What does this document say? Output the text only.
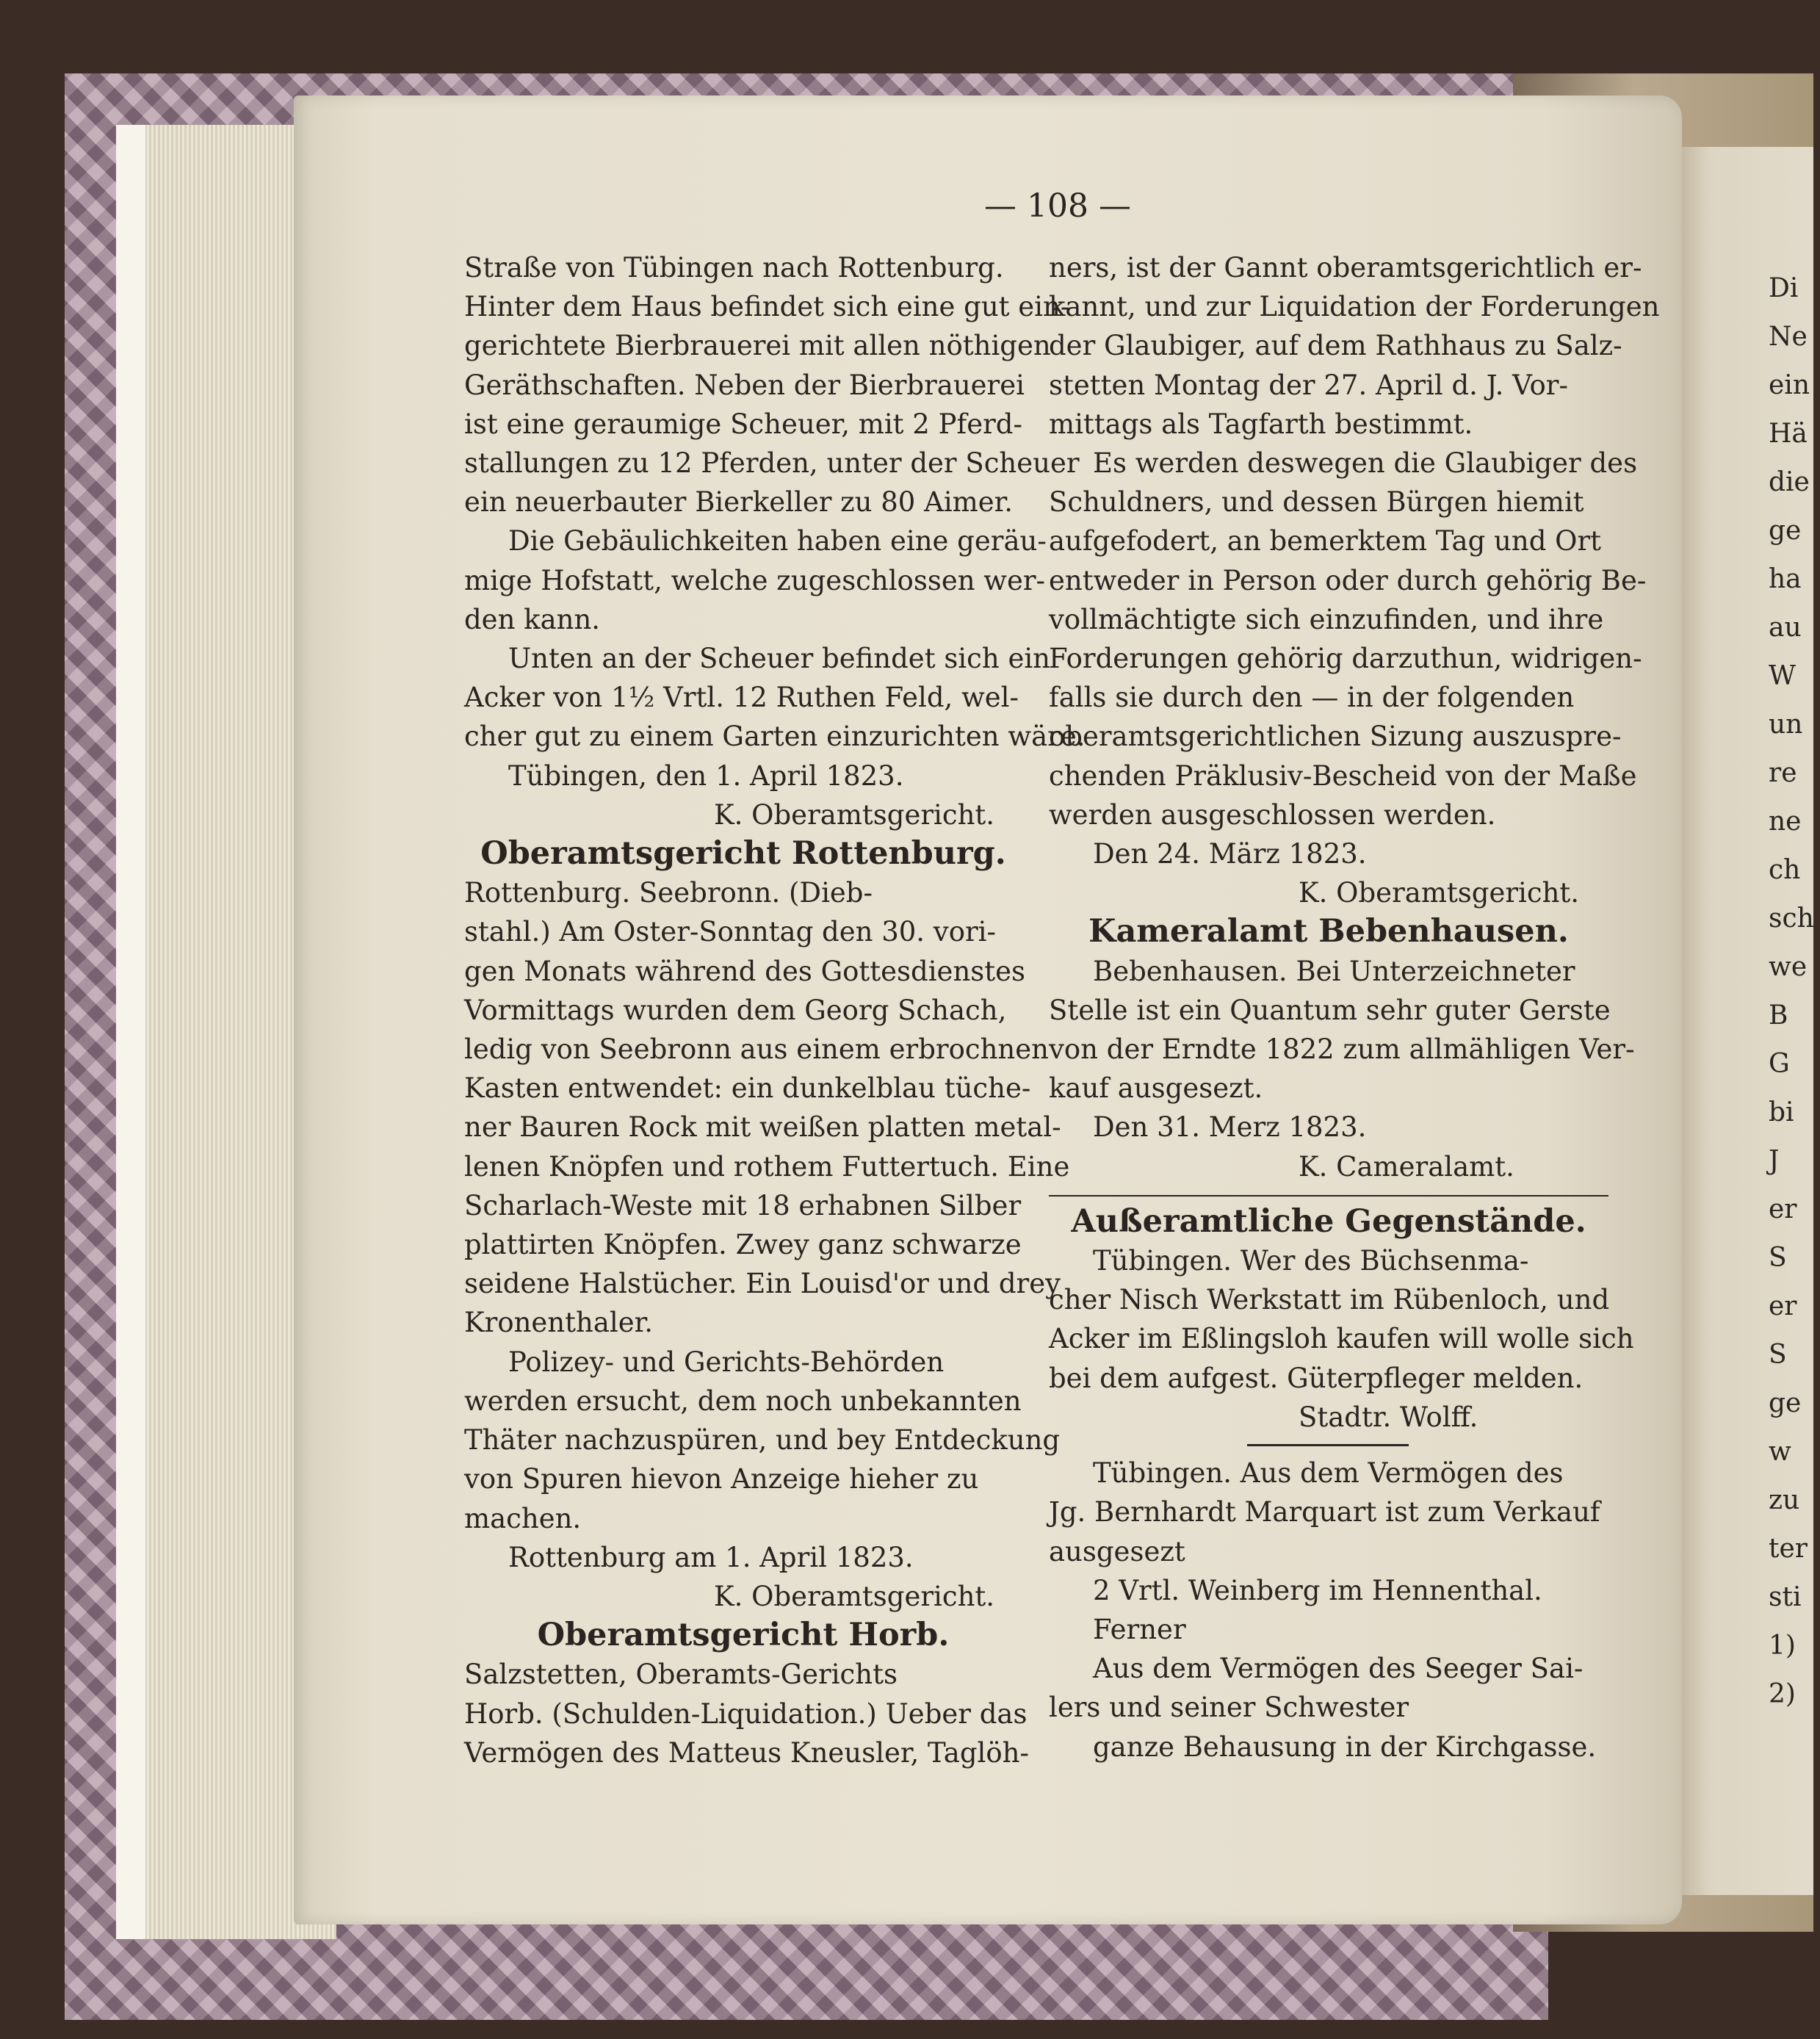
— 108 —
Straße von Tübingen nach Rottenburg.
Hinter dem Haus befindet sich eine gut ein-
gerichtete Bierbrauerei mit allen nöthigen
Geräthschaften. Neben der Bierbrauerei
ist eine geraumige Scheuer, mit 2 Pferd-
stallungen zu 12 Pferden, unter der Scheuer
ein neuerbauter Bierkeller zu 80 Aimer.
Die Gebäulichkeiten haben eine geräu-
mige Hofstatt, welche zugeschlossen wer-
den kann.
Unten an der Scheuer befindet sich ein
Acker von 1½ Vrtl. 12 Ruthen Feld, wel-
cher gut zu einem Garten einzurichten wäre.
Tübingen, den 1. April 1823.
K. Oberamtsgericht.
Oberamtsgericht Rottenburg.
Rottenburg. Seebronn. (Dieb-
stahl.) Am Oster-Sonntag den 30. vori-
gen Monats während des Gottesdienstes
Vormittags wurden dem Georg Schach,
ledig von Seebronn aus einem erbrochnen
Kasten entwendet: ein dunkelblau tüche-
ner Bauren Rock mit weißen platten metal-
lenen Knöpfen und rothem Futtertuch. Eine
Scharlach-Weste mit 18 erhabnen Silber
plattirten Knöpfen. Zwey ganz schwarze
seidene Halstücher. Ein Louisd'or und drey
Kronenthaler.
Polizey- und Gerichts-Behörden
werden ersucht, dem noch unbekannten
Thäter nachzuspüren, und bey Entdeckung
von Spuren hievon Anzeige hieher zu
machen.
Rottenburg am 1. April 1823.
K. Oberamtsgericht.
Oberamtsgericht Horb.
Salzstetten, Oberamts-Gerichts
Horb. (Schulden-Liquidation.) Ueber das
Vermögen des Matteus Kneusler, Taglöh-
ners, ist der Gannt oberamtsgerichtlich er-
kannt, und zur Liquidation der Forderungen
der Glaubiger, auf dem Rathhaus zu Salz-
stetten Montag der 27. April d. J. Vor-
mittags als Tagfarth bestimmt.
Es werden deswegen die Glaubiger des
Schuldners, und dessen Bürgen hiemit
aufgefodert, an bemerktem Tag und Ort
entweder in Person oder durch gehörig Be-
vollmächtigte sich einzufinden, und ihre
Forderungen gehörig darzuthun, widrigen-
falls sie durch den — in der folgenden
oberamtsgerichtlichen Sizung auszuspre-
chenden Präklusiv-Bescheid von der Maße
werden ausgeschlossen werden.
Den 24. März 1823.
K. Oberamtsgericht.
Kameralamt Bebenhausen.
Bebenhausen. Bei Unterzeichneter
Stelle ist ein Quantum sehr guter Gerste
von der Erndte 1822 zum allmähligen Ver-
kauf ausgesezt.
Den 31. Merz 1823.
K. Cameralamt.
Außeramtliche Gegenstände.
Tübingen. Wer des Büchsenma-
cher Nisch Werkstatt im Rübenloch, und
Acker im Eßlingsloh kaufen will wolle sich
bei dem aufgest. Güterpfleger melden.
Stadtr. Wolff.
Tübingen. Aus dem Vermögen des
Jg. Bernhardt Marquart ist zum Verkauf
ausgesezt
2 Vrtl. Weinberg im Hennenthal.
Ferner
Aus dem Vermögen des Seeger Sai-
lers und seiner Schwester
ganze Behausung in der Kirchgasse.
Di
Ne
ein
Hä
die
ge
ha
au
W
un
re
ne
ch
sch
we
B
G
bi
J
er
S
er
S
ge
w
zu
ter
sti
1)
2)
